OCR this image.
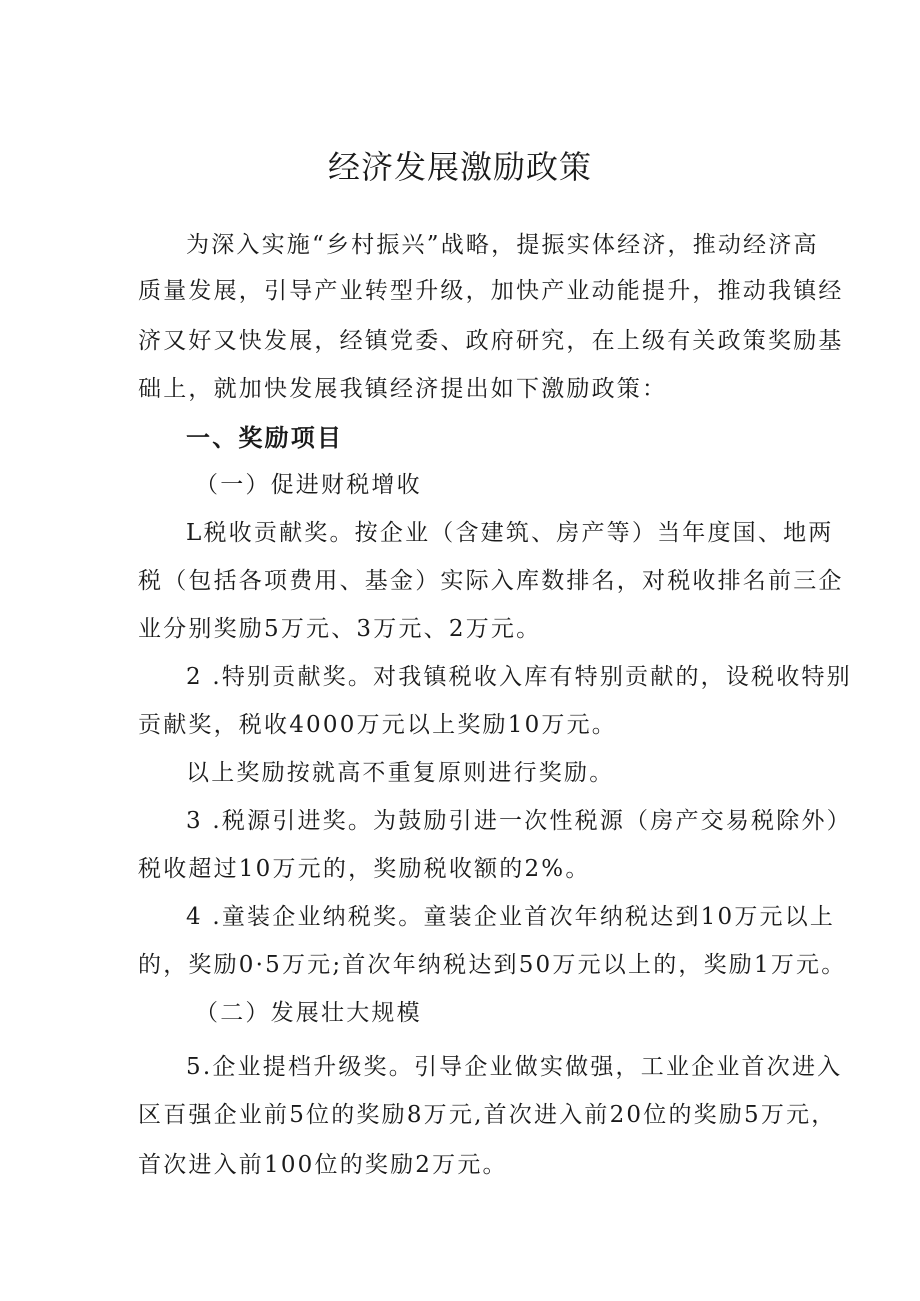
经济发展激励政策

为深入实施“乡村振兴”战略，提振实体经济，推动经济高

质量发展，引导产业转型升级，加快产业动能提升，推动我镇经

济又好又快发展，经镇党委、政府研究，在上级有关政策奖励基

础上，就加快发展我镇经济提出如下激励政策：

一、奖励项目

（一）促进财税增收

L税收贡献奖。按企业（含建筑、房产等）当年度国、地两

税（包括各项费用、基金）实际入库数排名，对税收排名前三企

业分别奖励5万元、3万元、2万元。

2 .特别贡献奖。对我镇税收入库有特别贡献的，设税收特别

贡献奖，税收4000万元以上奖励10万元。

以上奖励按就高不重复原则进行奖励。

3 .税源引进奖。为鼓励引进一次性税源（房产交易税除外）

税收超过10万元的，奖励税收额的2%。

4 .童装企业纳税奖。童装企业首次年纳税达到10万元以上

的，奖励0·5万元;首次年纳税达到50万元以上的，奖励1万元。

（二）发展壮大规模

5.企业提档升级奖。引导企业做实做强，工业企业首次进入

区百强企业前5位的奖励8万元,首次进入前20位的奖励5万元，

首次进入前100位的奖励2万元。
